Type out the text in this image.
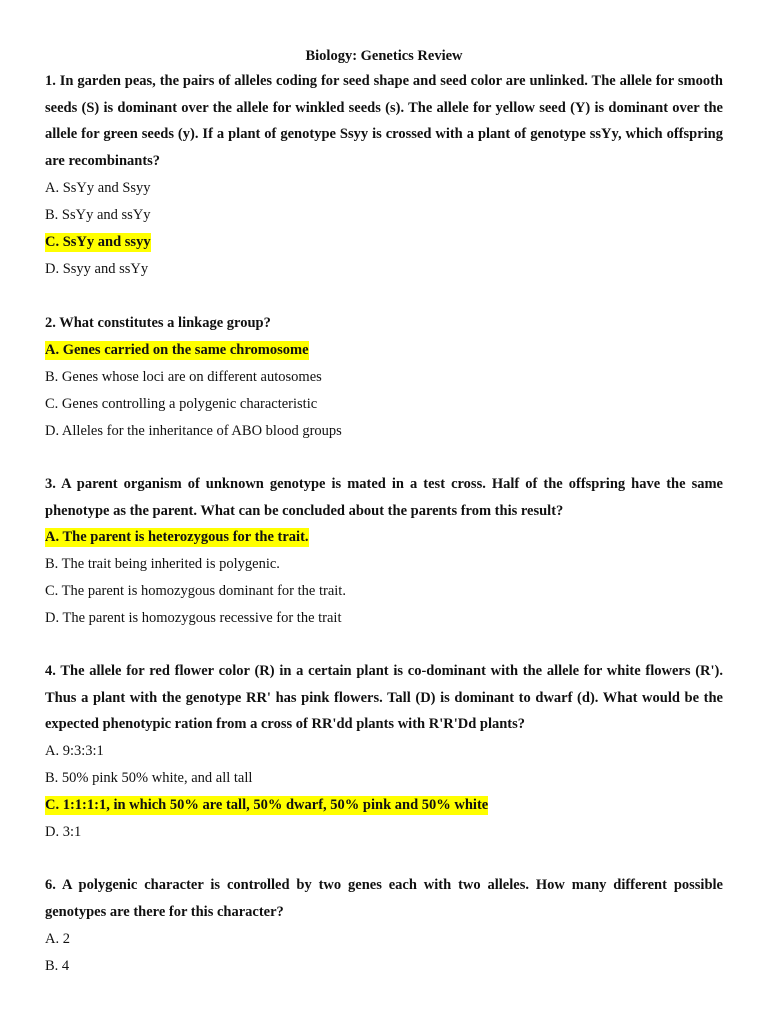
Biology: Genetics Review

1. In garden peas, the pairs of alleles coding for seed shape and seed color are unlinked. The allele for smooth seeds (S) is dominant over the allele for winkled seeds (s). The allele for yellow seed (Y) is dominant over the allele for green seeds (y). If a plant of genotype Ssyy is crossed with a plant of genotype ssYy, which offspring are recombinants?

A. SsYy and Ssyy
B. SsYy and ssYy
C. SsYy and ssyy
D. Ssyy and ssYy

2. What constitutes a linkage group?

A. Genes carried on the same chromosome
B. Genes whose loci are on different autosomes
C. Genes controlling a polygenic characteristic
D. Alleles for the inheritance of ABO blood groups

3. A parent organism of unknown genotype is mated in a test cross. Half of the offspring have the same phenotype as the parent. What can be concluded about the parents from this result?

A. The parent is heterozygous for the trait.
B. The trait being inherited is polygenic.
C. The parent is homozygous dominant for the trait.
D. The parent is homozygous recessive for the trait

4. The allele for red flower color (R) in a certain plant is co-dominant with the allele for white flowers (R'). Thus a plant with the genotype RR' has pink flowers. Tall (D) is dominant to dwarf (d). What would be the expected phenotypic ration from a cross of RR'dd plants with R'R'Dd plants?

A. 9:3:3:1
B. 50% pink 50% white, and all tall
C. 1:1:1:1, in which 50% are tall, 50% dwarf, 50% pink and 50% white
D. 3:1

6. A polygenic character is controlled by two genes each with two alleles. How many different possible genotypes are there for this character?

A. 2
B. 4
